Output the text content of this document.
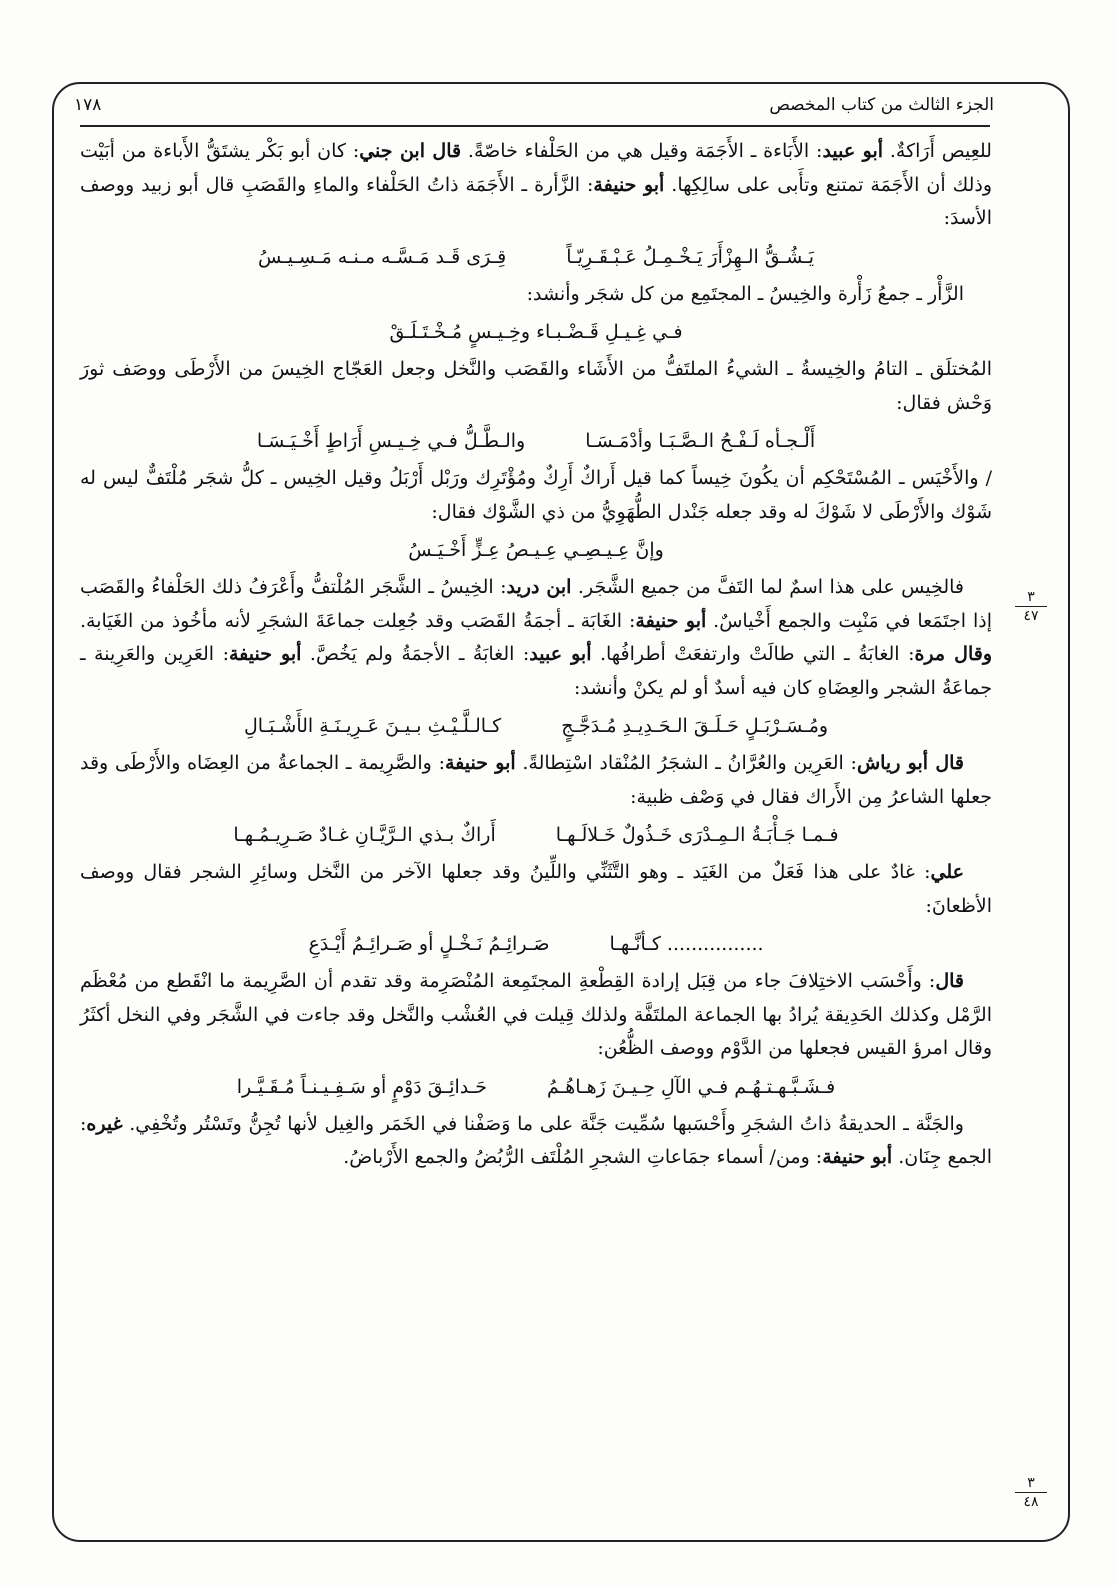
الجزء الثالث من كتاب المخصص
١٧٨
٣
٤٧
٣
٤٨

للعِيص أَرَاكةٌ. أبو عبيد: الأَبَاءة ـ الأَجَمَة وقيل هي من الحَلْفاء خاصّةً. قال ابن جني: كان أبو بَكْر يشتَقُّ الأَباءة من أبَيْت وذلك أن الأَجَمَة تمتنع وتأَبى على سالِكِها. أبو حنيفة: الزَّأرة ـ الأَجَمَة ذاتُ الحَلْفاء والماءِ والقَصَبِ قال أبو زبيد ووصف الأسدَ:

يَـشُـقُّ الـهِزْأَرَ يَـخْـمِـلُ عَـبْـقَـرِيّـاً
قِـرَى قَـد مَـسَّـه مـنـه مَـسِـيـسُ

الزَّأْر ـ جمعُ زَأْرة والخِيسُ ـ المجتَمِع من كل شجَر وأنشد:

فـي غِـيـلِ قَـضْـبـاء وخِـيـسٍ مُـخْـتَـلَـقْ

المُختلَق ـ التامُ والخِيسةُ ـ الشيءُ الملتَفُّ من الأَشَاء والقَصَب والنَّخل وجعل العَجّاج الخِيسَ من الأَرْطَى ووصَف ثورَ وَحْش فقال:

أَلْـجـأه لَـفْـحُ الـصَّـبَـا وأدْمَـسَـا
والـطَّـلُّ فـي خِـيـسِ أَرَاطٍ أَخْـيَـسَـا

/ والأَخْيَس ـ المُسْتَحْكِم أن يكُونَ خِيساً كما قيل أَراكٌ أَرِكٌ ومُؤْتَرِك ورَبْل أَرْبَلُ وقيل الخِيس ـ كلُّ شجَر مُلْتَفٌّ ليس له شَوْك والأَرْطَى لا شَوْكَ له وقد جعله جَنْدل الطُّهَوِيُّ من ذي الشَّوْك فقال:

وإنَّ عِـيـصِـي عِـيـصُ عِـزٍّ أَخْـيَـسُ

فالخِيس على هذا اسمٌ لما التَفَّ من جميع الشَّجَر. ابن دريد: الخِيسُ ـ الشَّجَر المُلْتفُّ وأَعْرَفُ ذلك الحَلْفاءُ والقَصَب إذا اجتَمَعا في مَنْبِت والجمع أَخْياسٌ. أبو حنيفة: الغَابَة ـ أجمَةُ القَصَب وقد جُعِلت جماعَةَ الشجَرِ لأنه مأخُوذ من الغَيَابة. وقال مرة: الغابَةُ ـ التي طالَتْ وارتفعَتْ أطرافُها. أبو عبيد: الغابَةُ ـ الأجمَةُ ولم يَخُصَّ. أبو حنيفة: العَرِين والعَرِينة ـ جماعَةُ الشجر والعِضَاهِ كان فيه أسدٌ أو لم يكنْ وأنشد:

ومُـسَـرْبَـلٍ حَـلَـقَ الـحَـدِيـدِ مُـدَجَّـجٍ
كـالـلَّـيْـثِ بـيـنَ عَـرِيـنَـةِ الأَشْـبَـالِ

قال أبو رياش: العَرِين والعُرَّانُ ـ الشجَرُ المُنْقاد اسْتِطالةً. أبو حنيفة: والصَّرِيمة ـ الجماعةُ من العِضَاه والأَرْطَى وقد جعلها الشاعرُ مِن الأَراك فقال في وَصْف ظبية:

فـمـا جَـأْبَـةُ الـمِـدْرَى خَـذُولٌ خَـلالَـهـا
أَراكٌ بـذي الـرَّيَّـانِ غـادٌ صَـرِيـمُـهـا

علي: غادٌ على هذا فَعَلٌ من الغَيَد ـ وهو التَّثَنِّي واللِّينُ وقد جعلها الآخر من النَّخل وسائِرِ الشجر فقال ووصف الأظعانَ:

................ كـأنَّـهـا
صَـرائِـمُ نَـخْـلٍ أو صَـرائِـمُ أَيْـدَعِ

قال: وأَحْسَب الاختِلافَ جاء من قِبَل إرادة القِطْعةِ المجتَمِعة المُنْصَرِمة وقد تقدم أن الصَّرِيمة ما انْقَطع من مُعْظَم الرَّمْل وكذلك الحَدِيقة يُرادُ بها الجماعة الملتَفَّة ولذلك قِيلت في العُشْب والنَّخل وقد جاءت في الشَّجَر وفي النخل أكثَرُ وقال امرؤ القيس فجعلها من الدَّوْم ووصف الظُّعُن:

فـشَـبَّـهـتـهُـم فـي الآلِ حِـيـنَ زَهـاهُـمُ
حَـدائِـقَ دَوْمٍ أو سَـفِـيـنـاً مُـقَـيَّـرا

والجَنَّة ـ الحديقةُ ذاتُ الشجَرِ وأَحْسَبها سُمِّيت جَنَّة على ما وَصَفْنا في الخَمَر والغِيل لأنها تُجِنُّ وتَسْتُر وتُخْفِي. غيره: الجمع جِنَان. أبو حنيفة: ومن/ أسماء جمَاعاتِ الشجرِ المُلْتَف الرُّبُضُ والجمع الأَرْباضُ.
